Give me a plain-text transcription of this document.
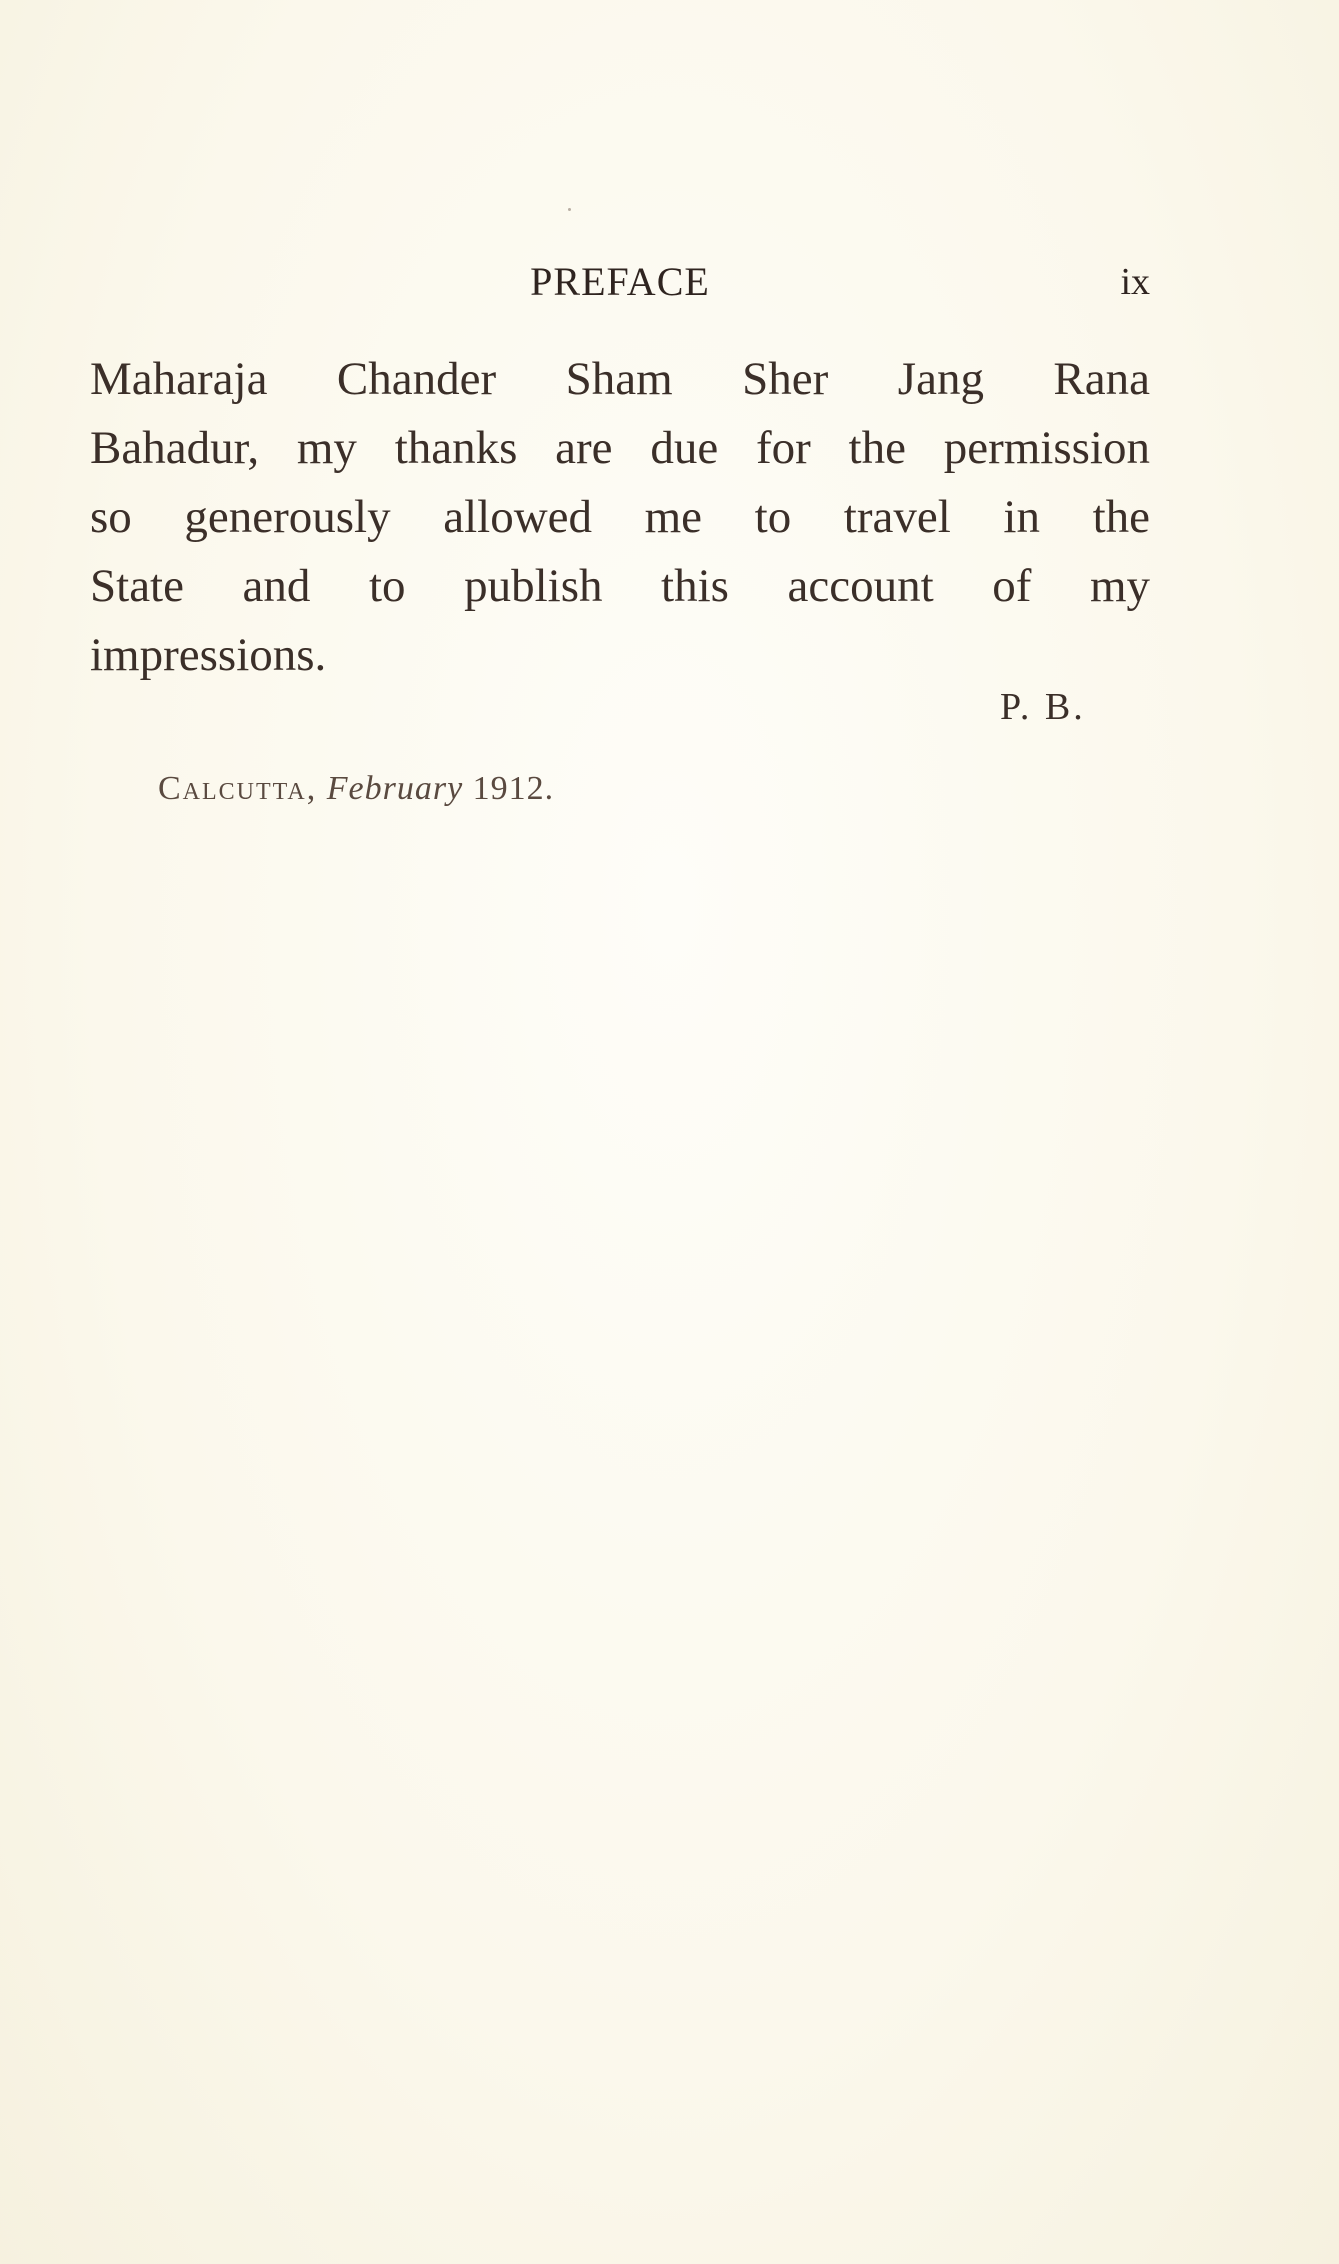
PREFACE	ix
Maharaja Chander Sham Sher Jang Rana
Bahadur, my thanks are due for the permission
so generously allowed me to travel in the
State and to publish this account of my
impressions.
P. B.
Calcutta, February 1912.
